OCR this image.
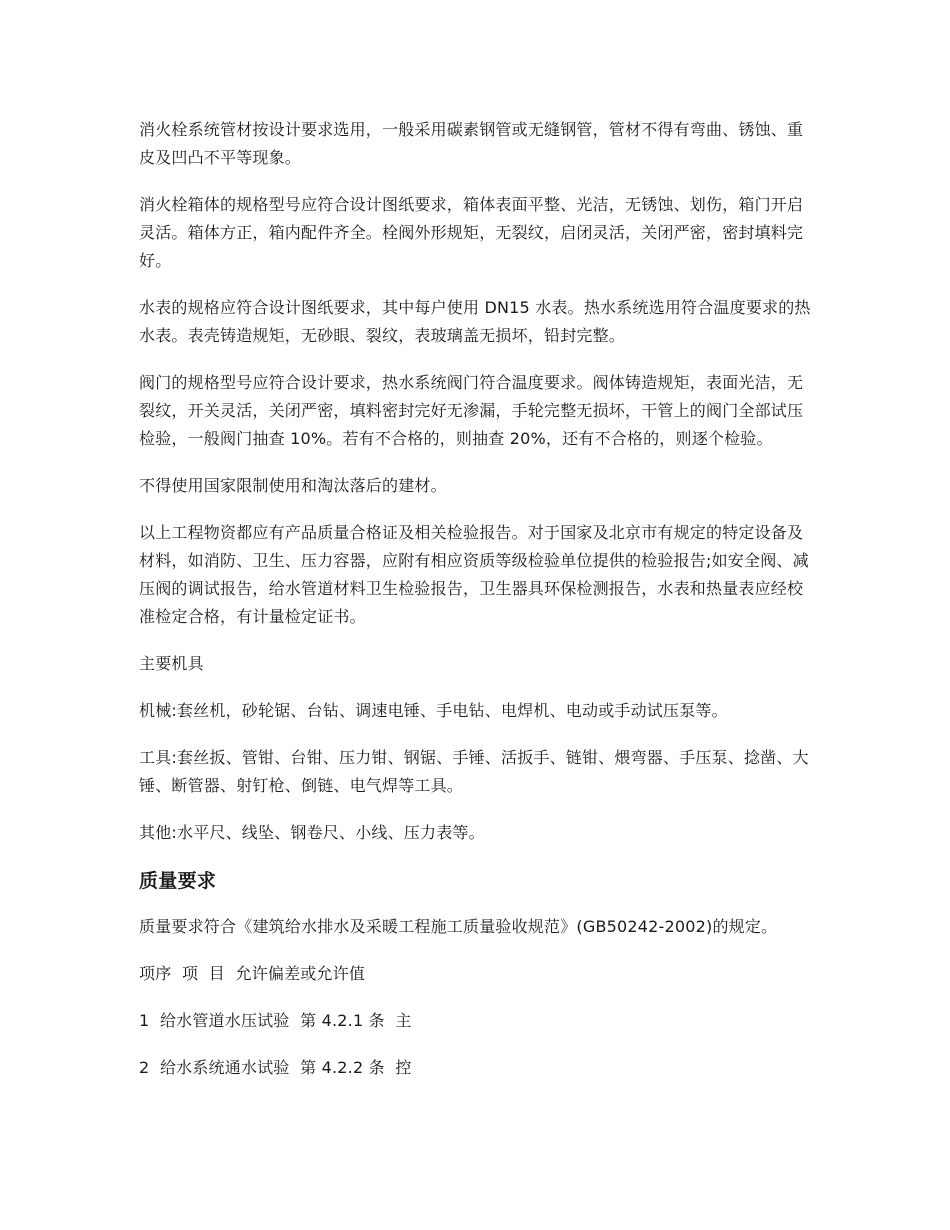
消火栓系统管材按设计要求选用，一般采用碳素钢管或无缝钢管，管材不得有弯曲、锈蚀、重皮及凹凸不平等现象。

消火栓箱体的规格型号应符合设计图纸要求，箱体表面平整、光洁，无锈蚀、划伤，箱门开启灵活。箱体方正，箱内配件齐全。栓阀外形规矩，无裂纹，启闭灵活，关闭严密，密封填料完好。

水表的规格应符合设计图纸要求，其中每户使用 DN15 水表。热水系统选用符合温度要求的热水表。表壳铸造规矩，无砂眼、裂纹，表玻璃盖无损坏，铅封完整。

阀门的规格型号应符合设计要求，热水系统阀门符合温度要求。阀体铸造规矩，表面光洁，无裂纹，开关灵活，关闭严密，填料密封完好无渗漏，手轮完整无损坏，干管上的阀门全部试压检验，一般阀门抽查 10%。若有不合格的，则抽查 20%，还有不合格的，则逐个检验。

不得使用国家限制使用和淘汰落后的建材。

以上工程物资都应有产品质量合格证及相关检验报告。对于国家及北京市有规定的特定设备及材料，如消防、卫生、压力容器，应附有相应资质等级检验单位提供的检验报告;如安全阀、减压阀的调试报告，给水管道材料卫生检验报告，卫生器具环保检测报告，水表和热量表应经校准检定合格，有计量检定证书。

主要机具

机械:套丝机，砂轮锯、台钻、调速电锤、手电钻、电焊机、电动或手动试压泵等。

工具:套丝扳、管钳、台钳、压力钳、钢锯、手锤、活扳手、链钳、煨弯器、手压泵、捻凿、大锤、断管器、射钉枪、倒链、电气焊等工具。

其他:水平尺、线坠、钢卷尺、小线、压力表等。

质量要求

质量要求符合《建筑给水排水及采暖工程施工质量验收规范》(GB50242-2002)的规定。

项序  项  目  允许偏差或允许值

1  给水管道水压试验  第 4.2.1 条  主

2  给水系统通水试验  第 4.2.2 条  控
